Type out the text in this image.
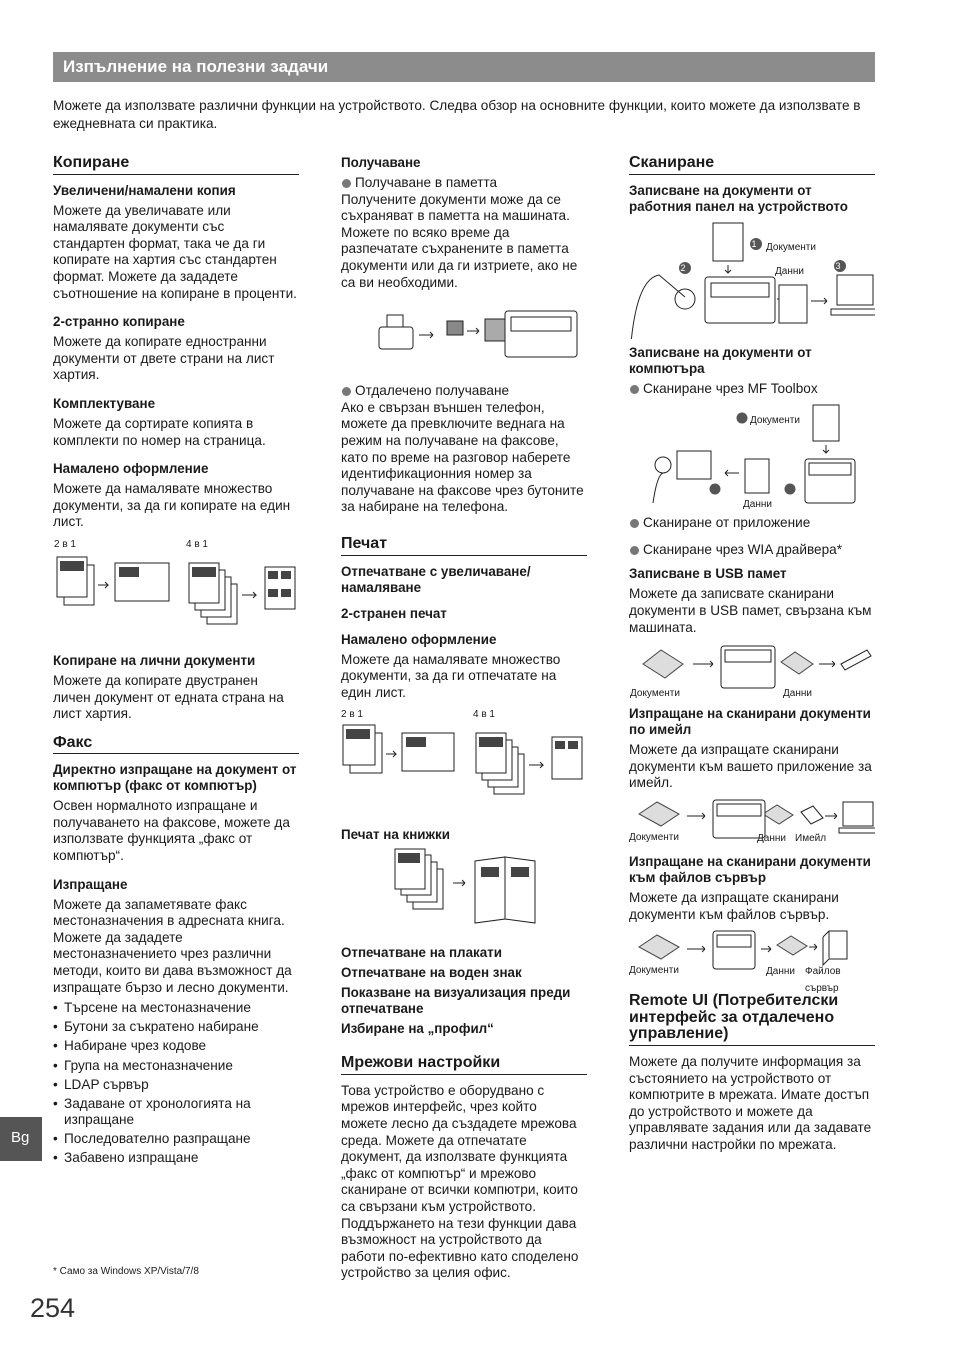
Изпълнение на полезни задачи
Можете да използвате различни функции на устройството. Следва обзор на основните функции, които можете да използвате в ежедневната си практика.
Копиране
Увеличени/намалени копия
Можете да увеличавате или намалявате документи със стандартен формат, така че да ги копирате на хартия със стандартен формат. Можете да зададете съотношение на копиране в проценти.
2-странно копиране
Можете да копирате едностранни документи от двете страни на лист хартия.
Комплектуване
Можете да сортирате копията в комплекти по номер на страница.
Намалено оформление
Можете да намалявате множество документи, за да ги копирате на един лист.
2 в 1	4 в 1
Копиране на лични документи
Можете да копирате двустранен личен документ от едната страна на лист хартия.
Факс
Директно изпращане на документ от компютър (факс от компютър)
Освен нормалното изпращане и получаването на факсове, можете да използвате функцията „факс от компютър“.
Изпращане
Можете да запаметявате факс местоназначения в адресната книга. Можете да зададете местоназначението чрез различни методи, които ви дава възможност да изпращате бързо и лесно документи.
• Търсене на местоназначение
• Бутони за съкратено набиране
• Набиране чрез кодове
• Група на местоназначение
• LDAP сървър
• Задаване от хронологията на изпращане
• Последователно разпращане
• Забавено изпращане
Получаване
Получаване в паметта
Получените документи може да се съхраняват в паметта на машината. Можете по всяко време да разпечатате съхранените в паметта документи или да ги изтриете, ако не са ви необходими.
Отдалечено получаване
Ако е свързан външен телефон, можете да превключите веднага на режим на получаване на факсове, като по време на разговор наберете идентификационния номер за получаване на факсове чрез бутоните за набиране на телефона.
Печат
Отпечатване с увеличаване/ намаляване
2-странен печат
Намалено оформление
Можете да намалявате множество документи, за да ги отпечатате на един лист.
2 в 1	4 в 1
Печат на книжки
Отпечатване на плакати
Отпечатване на воден знак
Показване на визуализация преди отпечатване
Избиране на „профил“
Мрежови настройки
Това устройство е оборудвано с мрежов интерфейс, чрез който можете лесно да създадете мрежова среда. Можете да отпечатате документ, да използвате функцията „факс от компютър“ и мрежово сканиране от всички компютри, които са свързани към устройството. Поддържането на тези функции дава възможност на устройството да работи по-ефективно като споделено устройство за целия офис.
Сканиране
Записване на документи от работния панел на устройството
1
2	3
Документи
Данни
Записване на документи от компютъра
Сканиране чрез MF Toolbox
Документи
Данни
Сканиране от приложение
Сканиране чрез WIA драйвера*
Записване в USB памет
Можете да записвате сканирани документи в USB памет, свързана към машината.
Документи	Данни
Изпращане на сканирани документи по имейл
Можете да изпращате сканирани документи към вашето приложение за имейл.
Документи	Данни Имейл
Изпращане на сканирани документи към файлов сървър
Можете да изпращате сканирани документи към файлов сървър.
Документи	Данни Файлов сървър
Remote UI (Потребителски интерфейс за отдалечено управление)
Можете да получите информация за състоянието на устройството от компютрите в мрежата. Имате достъп до устройството и можете да управлявате задания или да задавате различни настройки по мрежата.
* Само за Windows XP/Vista/7/8
Bg
254
